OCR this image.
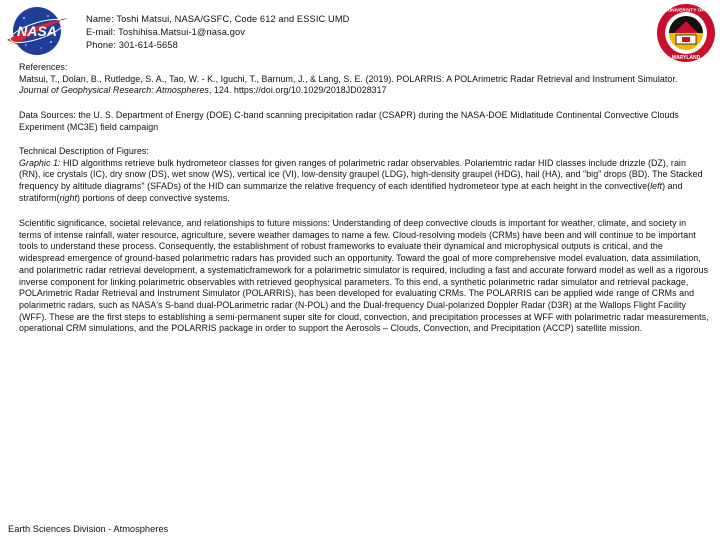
NASA
UNIVERSITY OF
MARYLAND
Name: Toshi Matsui, NASA/GSFC, Code 612 and ESSIC UMD
E-mail: Toshihisa.Matsui-1@nasa.gov
Phone: 301-614-5658

References:

Matsui, T., Dolan, B., Rutledge, S. A., Tao, W. - K., Iguchi, T., Barnum, J., & Lang, S. E. (2019). POLARRIS: A POLArimetric Radar Retrieval and Instrument Simulator. Journal of Geophysical Research: Atmospheres, 124. https://doi.org/10.1029/2018JD028317

Data Sources: the U. S. Department of Energy (DOE) C-band scanning precipitation radar (CSAPR) during the NASA-DOE Midlatitude Continental Convective Clouds Experiment (MC3E) field campaign

Technical Description of Figures:

Graphic 1: HID algorithms retrieve bulk hydrometeor classes for given ranges of polarimetric radar observables. Polariemtric radar HID classes include drizzle (DZ), rain (RN), ice crystals (IC), dry snow (DS), wet snow (WS), vertical ice (VI), low-density graupel (LDG), high-density graupel (HDG), hail (HA), and "big" drops (BD). The Stacked frequency by altitude diagrams" (SFADs) of the HID can summarize the relative frequency of each identified hydrometeor type at each height in the convective(left) and stratiform(right) portions of deep convective systems.

Scientific significance, societal relevance, and relationships to future missions: Understanding of deep convective clouds is important for weather, climate, and society in terms of intense rainfall, water resource, agriculture, severe weather damages to name a few. Cloud-resolving models (CRMs) have been and will continue to be important tools to understand these process. Consequently, the establishment of robust frameworks to evaluate their dynamical and microphysical outputs is critical, and the widespread emergence of ground-based polarimetric radars has provided such an opportunity. Toward the goal of more comprehensive model evaluation, data assimilation, and polarimetric radar retrieval development, a systematicframework for a polarimetric simulator is required, including a fast and accurate forward model as well as a rigorous inverse component for linking polarimetric observables with retrieved geophysical parameters. To this end, a synthetic polarimetric radar simulator and retrieval package, POLArimetric Radar Retrieval and Instrument Simulator (POLARRIS), has been developed for evaluating CRMs. The POLARRIS can be applied wide range of CRMs and polarimetric radars, such as NASA's S-band dual-POLarimetric radar (N-POL) and the Dual-frequency Dual-polarized Doppler Radar (D3R) at the Wallops Flight Facility (WFF). These are the first steps to establishing a semi-permanent super site for cloud, convection, and precipitation processes at WFF with polarimetric radar measurements, operational CRM simulations, and the POLARRIS package in order to support the Aerosols – Clouds, Convection, and Precipitation (ACCP) satellite mission.

Earth Sciences Division - Atmospheres
